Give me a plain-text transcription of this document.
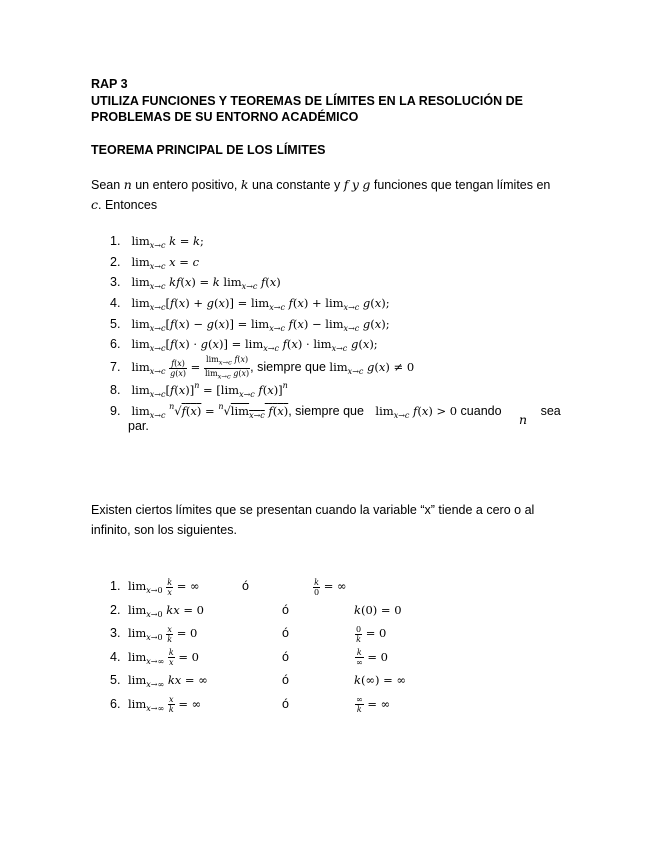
RAP 3
UTILIZA FUNCIONES Y TEOREMAS DE LÍMITES EN LA RESOLUCIÓN DE
PROBLEMAS DE SU ENTORNO ACADÉMICO
TEOREMA PRINCIPAL DE LOS LÍMITES
Sean n un entero positivo, k una constante y f y g funciones que tengan límites en
c. Entonces
1. $\lim_{x\to c} k = k$;
2. $\lim_{x\to c} x = c$
3. $\lim_{x\to c} kf(x) = k$ $\lim_{x\to c} f(x)$
4. $\lim_{x\to c}[f(x) + g(x)] = \lim_{x\to c} f(x) + \lim_{x\to c} g(x)$;
5. $\lim_{x\to c}[f(x) - g(x)] = \lim_{x\to c} f(x) - \lim_{x\to c} g(x)$;
6. $\lim_{x\to c}[f(x) \cdot g(x)] = \lim_{x\to c} f(x) \cdot \lim_{x\to c} g(x)$;
7. $\lim_{x\to c} \frac{f(x)}{g(x)} = \frac{\lim_{x\to c} f(x)}{\lim_{x\to c} g(x)}$ , siempre que $\lim_{x\to c} g(x) \ne 0$
8. $\lim_{x\to c}[f(x)]^n = [\lim_{x\to c}$ f(x)]$^n$
9. $\lim_{x\to c} ^n√f(x) = ^n√\lim_{x\to c}$ f(x), siempre que $\lim_{x\to c} f(x) > 0$ cuando n sea
par.
Existen ciertos límites que se presentan cuando la variable “x” tiende a cero o al
infinito, son los siguientes.
1. $\lim_{x\to 0} \frac{k}{x}$ = ∞	ó	$\frac{k}{0}$ = ∞
2. $\lim_{x\to 0}$ kx = 0	ó	k(0) = 0
3. $\lim_{x\to 0} \frac{x}{k} = 0$	ó	$\frac{0}{k} = 0$
4. $\lim_{x\to\infty} \frac{k}{x} = 0$	ó	$\frac{k}{\infty} = 0$
5. $\lim_{x\to\infty}$ kx = ∞	ó	k(∞) = ∞
6. $\lim_{x\to\infty} \frac{x}{k}$ = ∞	ó	$\frac{\infty}{k}$ = ∞
